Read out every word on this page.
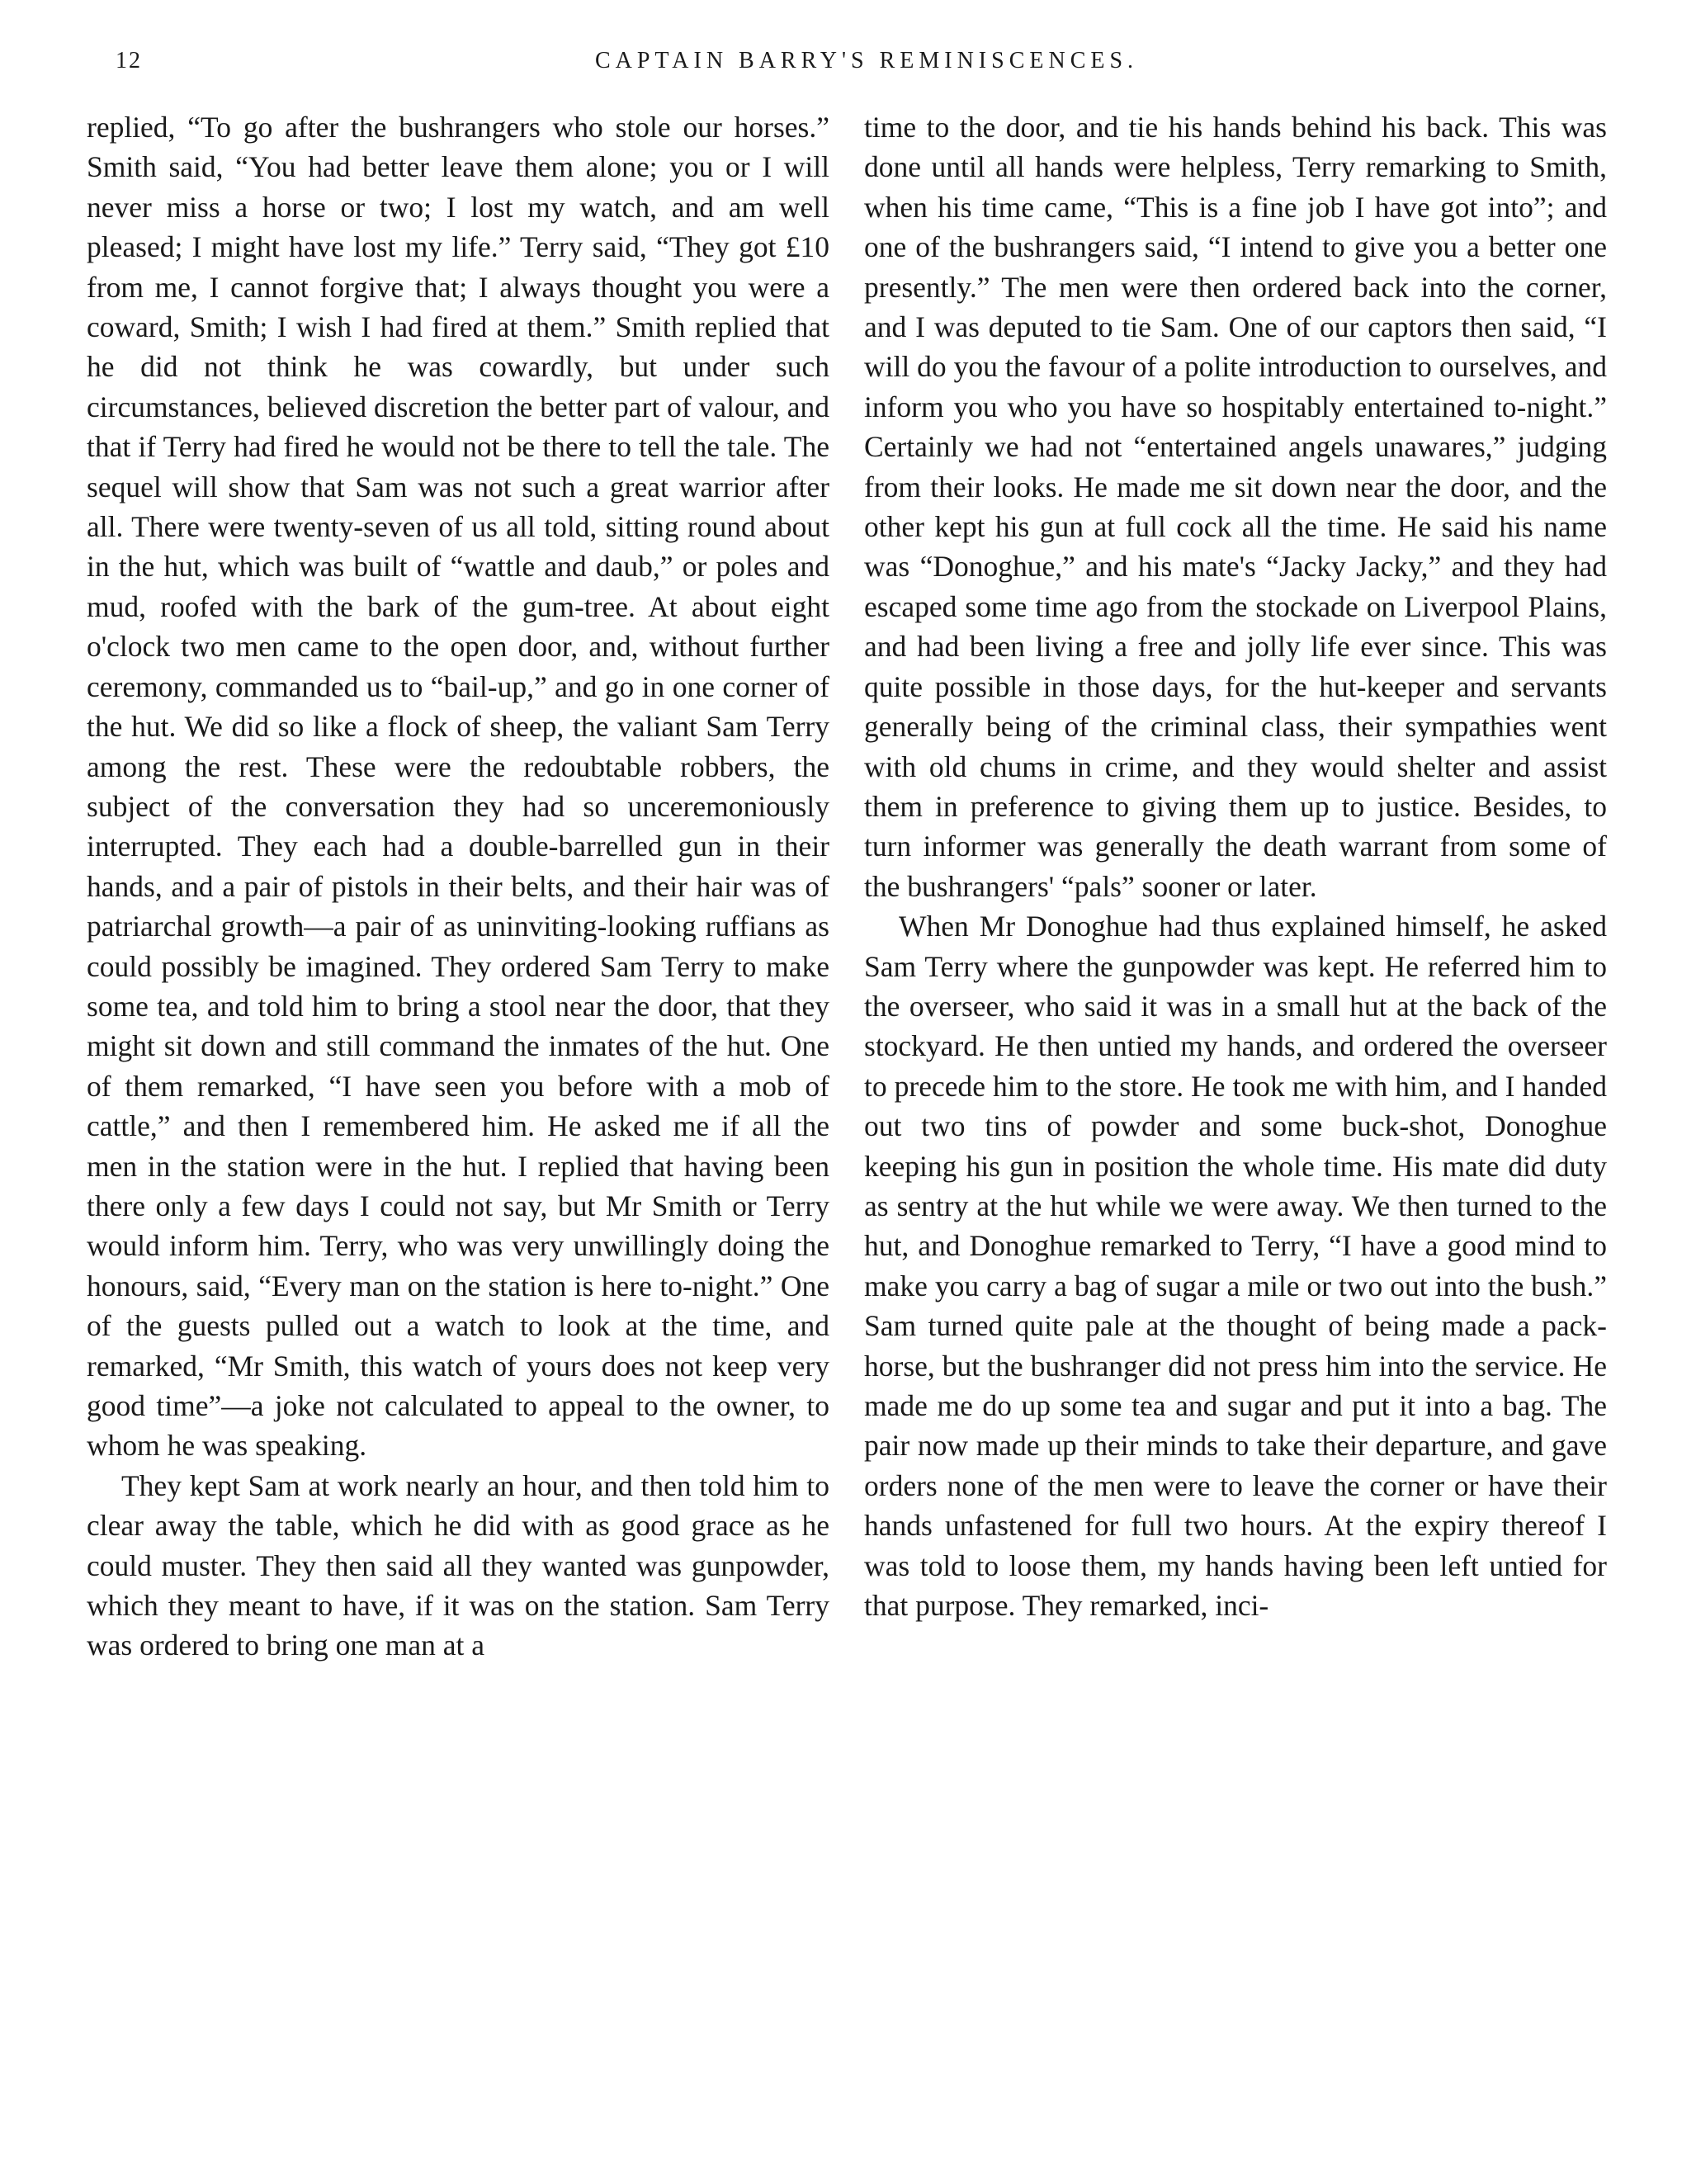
12	CAPTAIN BARRY'S REMINISCENCES.

replied, “To go after the bushrangers who stole our horses.” Smith said, “You had better leave them alone; you or I will never miss a horse or two; I lost my watch, and am well pleased; I might have lost my life.” Terry said, “They got £10 from me, I cannot forgive that; I always thought you were a coward, Smith; I wish I had fired at them.” Smith replied that he did not think he was cowardly, but under such circumstances, believed discretion the better part of valour, and that if Terry had fired he would not be there to tell the tale. The sequel will show that Sam was not such a great warrior after all. There were twenty-seven of us all told, sitting round about in the hut, which was built of “wattle and daub,” or poles and mud, roofed with the bark of the gum-tree. At about eight o'clock two men came to the open door, and, without further ceremony, commanded us to “bail-up,” and go in one corner of the hut. We did so like a flock of sheep, the valiant Sam Terry among the rest. These were the redoubtable robbers, the subject of the conversation they had so unceremoniously interrupted. They each had a double-barrelled gun in their hands, and a pair of pistols in their belts, and their hair was of patriarchal growth—a pair of as uninviting-looking ruffians as could possibly be imagined. They ordered Sam Terry to make some tea, and told him to bring a stool near the door, that they might sit down and still command the inmates of the hut. One of them remarked, “I have seen you before with a mob of cattle,” and then I remembered him. He asked me if all the men in the station were in the hut. I replied that having been there only a few days I could not say, but Mr Smith or Terry would inform him. Terry, who was very unwillingly doing the honours, said, “Every man on the station is here to-night.” One of the guests pulled out a watch to look at the time, and remarked, “Mr Smith, this watch of yours does not keep very good time”—a joke not calculated to appeal to the owner, to whom he was speaking.

They kept Sam at work nearly an hour, and then told him to clear away the table, which he did with as good grace as he could muster. They then said all they wanted was gunpowder, which they meant to have, if it was on the station. Sam Terry was ordered to bring one man at a

time to the door, and tie his hands behind his back. This was done until all hands were helpless, Terry remarking to Smith, when his time came, “This is a fine job I have got into”; and one of the bushrangers said, “I intend to give you a better one presently.” The men were then ordered back into the corner, and I was deputed to tie Sam. One of our captors then said, “I will do you the favour of a polite introduction to ourselves, and inform you who you have so hospitably entertained to-night.” Certainly we had not “entertained angels unawares,” judging from their looks. He made me sit down near the door, and the other kept his gun at full cock all the time. He said his name was “Donoghue,” and his mate's “Jacky Jacky,” and they had escaped some time ago from the stockade on Liverpool Plains, and had been living a free and jolly life ever since. This was quite possible in those days, for the hut-keeper and servants generally being of the criminal class, their sympathies went with old chums in crime, and they would shelter and assist them in preference to giving them up to justice. Besides, to turn informer was generally the death warrant from some of the bushrangers' “pals” sooner or later.

When Mr Donoghue had thus explained himself, he asked Sam Terry where the gunpowder was kept. He referred him to the overseer, who said it was in a small hut at the back of the stockyard. He then untied my hands, and ordered the overseer to precede him to the store. He took me with him, and I handed out two tins of powder and some buck-shot, Donoghue keeping his gun in position the whole time. His mate did duty as sentry at the hut while we were away. We then turned to the hut, and Donoghue remarked to Terry, “I have a good mind to make you carry a bag of sugar a mile or two out into the bush.” Sam turned quite pale at the thought of being made a pack-horse, but the bushranger did not press him into the service. He made me do up some tea and sugar and put it into a bag. The pair now made up their minds to take their departure, and gave orders none of the men were to leave the corner or have their hands unfastened for full two hours. At the expiry thereof I was told to loose them, my hands having been left untied for that purpose. They remarked, inci-
